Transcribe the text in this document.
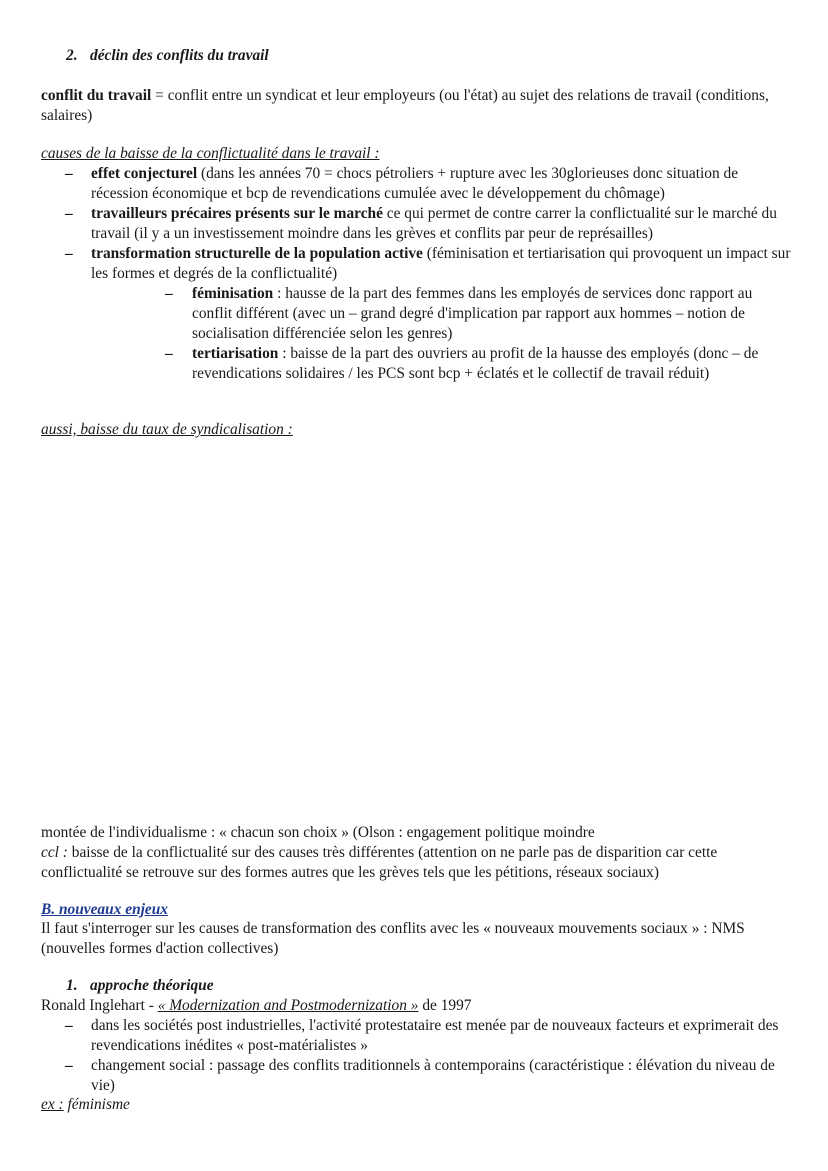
2. déclin des conflits du travail

conflit du travail = conflit entre un syndicat et leur employeurs (ou l'état) au sujet des relations de travail (conditions, salaires)

causes de la baisse de la conflictualité dans le travail :

– effet conjecturel (dans les années 70 = chocs pétroliers + rupture avec les 30glorieuses donc situation de récession économique et bcp de revendications cumulée avec le développement du chômage)
– travailleurs précaires présents sur le marché ce qui permet de contre carrer la conflictualité sur le marché du travail (il y a un investissement moindre dans les grèves et conflits par peur de représailles)
– transformation structurelle de la population active (féminisation et tertiarisation qui provoquent un impact sur les formes et degrés de la conflictualité)
– féminisation : hausse de la part des femmes dans les employés de services donc rapport au conflit différent (avec un – grand degré d'implication par rapport aux hommes – notion de socialisation différenciée selon les genres)
– tertiarisation : baisse de la part des ouvriers au profit de la hausse des employés (donc – de revendications solidaires / les PCS sont bcp + éclatés et le collectif de travail réduit)

aussi, baisse du taux de syndicalisation :

montée de l'individualisme : « chacun son choix » (Olson : engagement politique moindre

ccl : baisse de la conflictualité sur des causes très différentes (attention on ne parle pas de disparition car cette conflictualité se retrouve sur des formes autres que les grèves tels que les pétitions, réseaux sociaux)

B. nouveaux enjeux

Il faut s'interroger sur les causes de transformation des conflits avec les « nouveaux mouvements sociaux » : NMS (nouvelles formes d'action collectives)

1. approche théorique

Ronald Inglehart - « Modernization and Postmodernization » de 1997

– dans les sociétés post industrielles, l'activité protestataire est menée par de nouveaux facteurs et exprimerait des revendications inédites « post-matérialistes »
– changement social : passage des conflits traditionnels à contemporains (caractéristique : élévation du niveau de vie)

ex : féminisme
